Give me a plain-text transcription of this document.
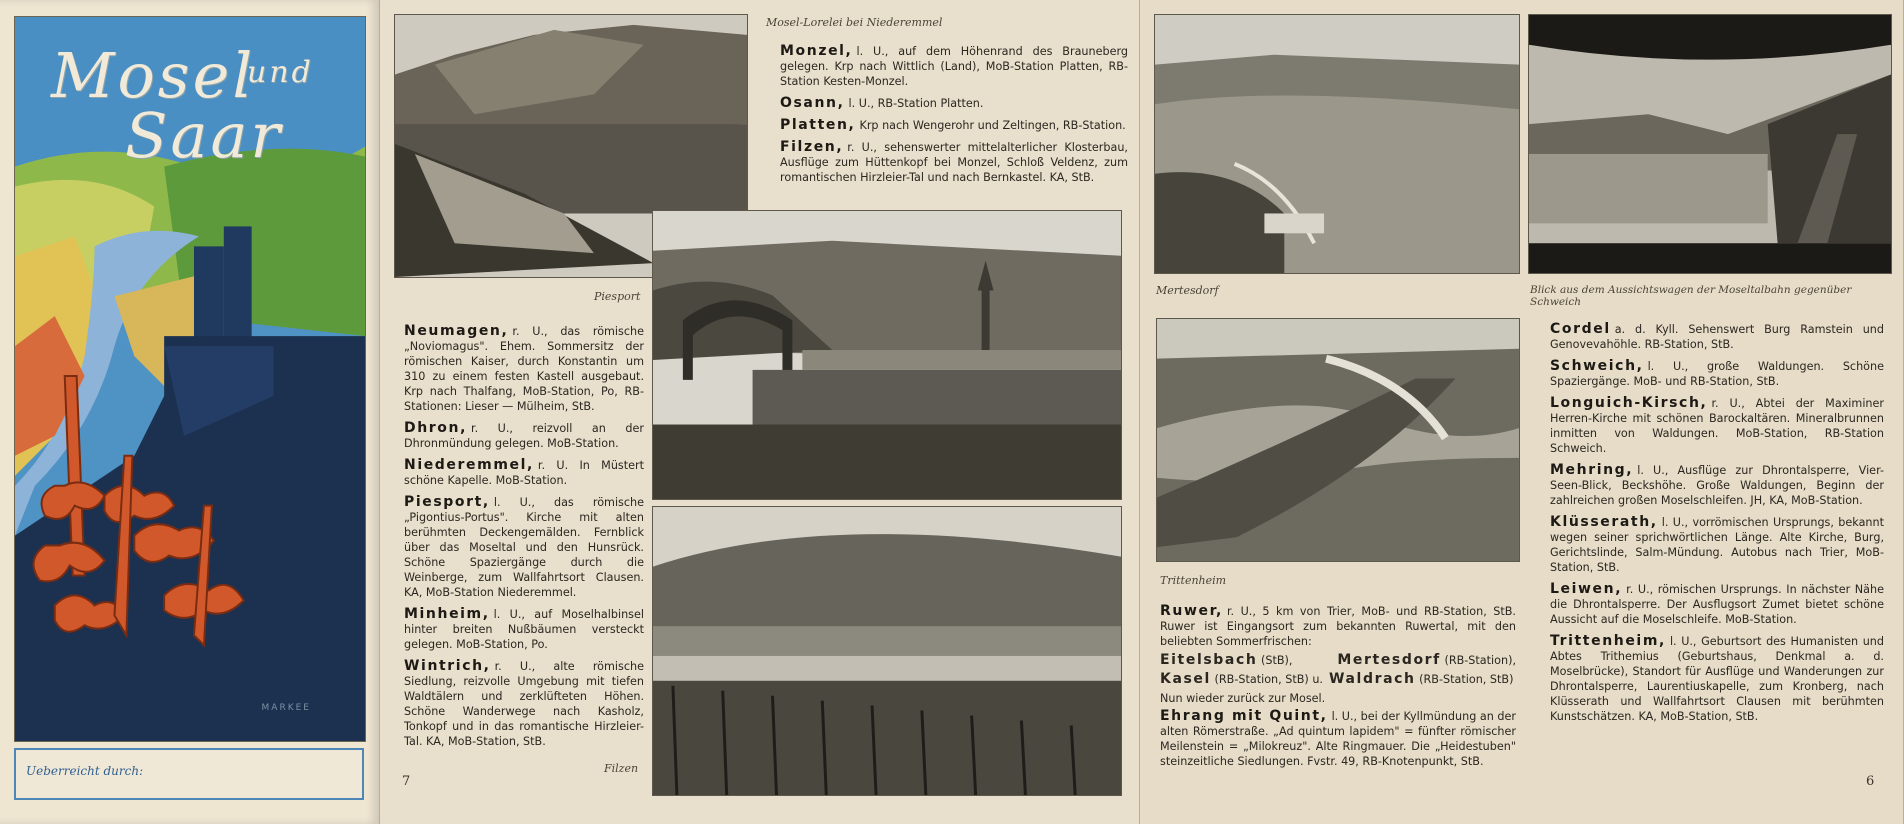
Mosel
und
Saar
MARKEE
Ueberreicht durch:
Mosel-Lorelei bei Niederemmel
Monzel, l. U., auf dem Höhenrand des Brauneberg gelegen. Krp nach Wittlich (Land), MoB-Station Platten, RB-Station Kesten-Monzel.
Osann, l. U., RB-Station Platten.
Platten, Krp nach Wengerohr und Zeltingen, RB-Station.
Filzen, r. U., sehenswerter mittelalterlicher Klosterbau, Ausflüge zum Hüttenkopf bei Monzel, Schloß Veldenz, zum romantischen Hirzleier-Tal und nach Bernkastel. KA, StB.
Piesport
Neumagen, r. U., das römische „Noviomagus". Ehem. Sommersitz der römischen Kaiser, durch Konstantin um 310 zu einem festen Kastell ausgebaut. Krp nach Thalfang, MoB-Station, Po, RB-Stationen: Lieser — Mülheim, StB.
Dhron, r. U., reizvoll an der Dhronmündung gelegen. MoB-Station.
Niederemmel, r. U. In Müstert schöne Kapelle. MoB-Station.
Piesport, l. U., das römische „Pigontius-Portus". Kirche mit alten berühmten Deckengemälden. Fernblick über das Moseltal und den Hunsrück. Schöne Spaziergänge durch die Weinberge, zum Wallfahrtsort Clausen. KA, MoB-Station Niederemmel.
Minheim, l. U., auf Moselhalbinsel hinter breiten Nußbäumen versteckt gelegen. MoB-Station, Po.
Wintrich, r. U., alte römische Siedlung, reizvolle Umgebung mit tiefen Waldtälern und zerklüfteten Höhen. Schöne Wanderwege nach Kasholz, Tonkopf und in das romantische Hirzleier-Tal. KA, MoB-Station, StB.
Filzen
7
Mertesdorf	Blick aus dem Aussichtswagen der Moseltalbahn gegenüber Schweich
Trittenheim
Ruwer, r. U., 5 km von Trier, MoB- und RB-Station, StB. Ruwer ist Eingangsort zum bekannten Ruwertal, mit den beliebten Sommerfrischen:
Eitelsbach (StB),	Mertesdorf (RB-Station),
Kasel (RB-Station, StB) u. Waldrach (RB-Station, StB)
Nun wieder zurück zur Mosel.
Ehrang mit Quint, l. U., bei der Kyllmündung an der alten Römerstraße. „Ad quintum lapidem" = fünfter römischer Meilenstein = „Milokreuz". Alte Ringmauer. Die „Heidestuben" steinzeitliche Siedlungen. Fvstr. 49, RB-Knotenpunkt, StB.
Cordel a. d. Kyll. Sehenswert Burg Ramstein und Genovevahöhle. RB-Station, StB.
Schweich, l. U., große Waldungen. Schöne Spaziergänge. MoB- und RB-Station, StB.
Longuich-Kirsch, r. U., Abtei der Maximiner Herren-Kirche mit schönen Barockaltären. Mineralbrunnen inmitten von Waldungen. MoB-Station, RB-Station Schweich.
Mehring, l. U., Ausflüge zur Dhrontalsperre, Vier-Seen-Blick, Beckshöhe. Große Waldungen, Beginn der zahlreichen großen Moselschleifen. JH, KA, MoB-Station.
Klüsserath, l. U., vorrömischen Ursprungs, bekannt wegen seiner sprichwörtlichen Länge. Alte Kirche, Burg, Gerichtslinde, Salm-Mündung. Autobus nach Trier, MoB-Station, StB.
Leiwen, r. U., römischen Ursprungs. In nächster Nähe die Dhrontalsperre. Der Ausflugsort Zumet bietet schöne Aussicht auf die Moselschleife. MoB-Station.
Trittenheim, l. U., Geburtsort des Humanisten und Abtes Trithemius (Geburtshaus, Denkmal a. d. Moselbrücke), Standort für Ausflüge und Wanderungen zur Dhrontalsperre, Laurentiuskapelle, zum Kronberg, nach Klüsserath und Wallfahrtsort Clausen mit berühmten Kunstschätzen. KA, MoB-Station, StB.
6
